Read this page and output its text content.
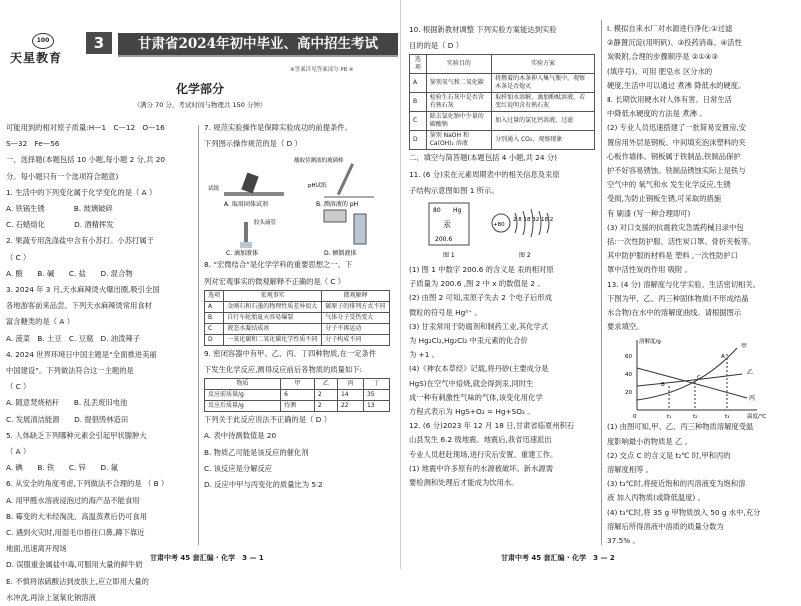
100
天星教育
3	甘肃省2024年初中毕业、高中招生考试
※答案详见答案部分 P8 ※
化学部分
（满分 70 分，考试时间与物理共 150 分钟）

可能用到的相对原子质量:H—1　C—12　O—16

S—32　Fe—56

一、选择题(本题包括 10 小题,每小题 2 分,共 20

分。每小题只有一个选项符合题意)

1. 生活中的下列变化属于化学变化的是（ A ）

A. 铁锅生锈　　　　B. 玻璃破碎

C. 石蜡熔化　　　　D. 酒精挥发

2. 果蔬专用洗涤盐中含有小苏打。小苏打属于

（ C ）

A. 酸　　B. 碱　　C. 盐　　D. 混合物

3. 2024 年 3 月,天水麻辣烫火爆出圈,吸引全国

各地游客前来品尝。下列天水麻辣烫常用食材

富含糖类的是（ A ）

A. 菠菜　B. 土豆　C. 豆腐　D. 油泼辣子

4. 2024 世界环境日中国主题是“全面推进美丽

中国建设”。下列做法符合这一主题的是

（ C ）

A. 随意焚烧秸秆　　B. 乱丢废旧电池

C. 发展清洁能源　　D. 提倡毁林造田

5. 人体缺乏下列哪种元素会引起甲状腺肿大

（ A ）

A. 碘　　B. 铁　　C. 锌　　D. 氟

6. 从安全的角度考虑,下列做法不合理的是 （ B ）

A. 用甲醛水溶液浸泡过的海产品不能食用

B. 霉变的大米经淘洗、高温蒸煮后仍可食用

C. 遇到火灾时,用湿毛巾捂住口鼻,蹲下靠近

地面,迅速离开现场

D. 误服重金属盐中毒,可服用大量的鲜牛奶

E. 不慎将浓硫酸沾到皮肤上,应立即用大量的

水冲洗,再涂上氢氧化钠溶液

7. 规范实验操作是保障实验成功的前提条件。

下列图示操作规范的是（ D ）

蘸取待测液的玻璃棒
试纸	pH试纸
A. 取用固体试剂	B. 测溶液的 pH
胶头滴管
C. 滴加液体	D. 倾倒液体

8. “宏微结合”是化学学科的重要思想之一。下

列对宏观事实的微观解释不正确的是（ C ）

选项	宏观事实	微观解释
A	金刚石和石墨的物理性质差异很大	碳原子的排列方式不同
B	自行车轮胎夏天容易爆裂	气体分子受热变大
C	液态水凝结成冰	分子不再运动
D	一氧化碳和二氧化碳化学性质不同	分子构成不同

9. 密闭容器中有甲、乙、丙、丁四种物质,在一定条件

下发生化学反应,测得反应前后各物质的质量如下:

物质	甲	乙	丙	丁
反应前质量/g	6	2	14	35
反应后质量/g	待测	2	22	13

下列关于此反应说法不正确的是（ D ）

A. 表中待测数值是 20

B. 物质乙可能是该反应的催化剂

C. 该反应是分解反应

D. 反应中甲与丙变化的质量比为 5∶2

甘肃中考 45 套汇编 · 化学　3 — 1

10. 根据新教材调整 下列实验方案能达到实验

目的的是（ D ）

选项	实验目的	实验方案
A	鉴别氧气和二氧化碳	将燃着的木条伸入集气瓶中，观察木条是否熄灭
B	检验生石灰中是否含有熟石灰	取样加水溶解，滴加酚酞溶液，若变红说明含有熟石灰
C	除去氯化钠中少量的碳酸钠	加入过量的氯化钙溶液，过滤
D	鉴别 NaOH 和 Ca(OH)₂ 溶液	分别通入 CO₂，观察现象

二、填空与简答题(本题包括 4 小题,共 24 分)

11. (6 分)汞在元素周期表中的相关信息及汞原

子结构示意图如图 1 所示。

80 Hg
汞
200.6
+80
2 8 18 32 18 2
图 1	图 2

(1) 图 1 中数字 200.6 的含义是 汞的相对原

子质量为 200.6 ,图 2 中 x 的数值是 2 。

(2) 由图 2 可知,汞原子失去 2 个电子后形成

微粒的符号是 Hg²⁺ 。

(3) 甘汞常用于防腐剂和制药工业,其化学式

为 Hg₂Cl₂,Hg₂Cl₂ 中汞元素的化合价

为 +1 。

(4)《神农本草经》记载,将丹砂(主要成分是

HgS)在空气中焙烧,就会得到汞,同时生

成一种有刺激性气味的气体,该变化用化学

方程式表示为 HgS+O₂ = Hg+SO₂ 。

12. (6 分)2023 年 12 月 18 日,甘肃省临夏州积石

山县发生 6.2 级地震。地震后,我省迅速派出

专业人员赶赴现场,进行灾后安置、重建工作。

(1) 地震中许多原有的水源被破坏。新水源需

要检测和处理后才能成为饮用水。

Ⅰ. 模拟自来水厂对水源进行净化:①过滤

②静置沉淀(用明矾)、③投药消毒、④活性

炭吸附,合理的步骤顺序是 ②①④③

(填序号)。可用 肥皂水 区分水的

硬度,生活中可以通过 煮沸 降低水的硬度。

Ⅱ. 长期饮用硬水对人体有害。日常生活

中降低水硬度的方法是 煮沸 。

(2) 专业人员迅速搭建了一批简易安置房,安

置房用外层是钢板、中间填充泡沫塑料的夹

心板作墙体。钢板属于铁制品,铁制品保护

护不好容易锈蚀。铁制品锈蚀实际上是铁与

空气中的 氧气和水 发生化学反应,生锈

受损,为防止钢板生锈,可采取的措施

有 刷漆 (写一种合理即可)

(3) 对口支援的抗震救灾急需药械目录中包

括:一次性防护服、活性炭口罩、骨折夹板等。

其中防护服的材料是 塑料 ,一次性防护口

罩中活性炭的作用 吸附 。

13. (4 分) 溶解度与化学实验。生活密切相关。

下图为甲、乙、丙三种固体物质(不形成结晶

水合物)在水中的溶解度曲线。请根据图示

要求填空。

溶解度/g
温度/℃
60
40
20
0	t₁	t₂	t₃
甲
乙
丙
A
B
C

(1) 由图可知,甲、乙、丙三种物质溶解度受温

度影响最小的物质是 乙 。

(2) 交点 C 的含义是 t₂℃ 时,甲和丙的

溶解度相等 。

(3) t₃℃时,将接近饱和的丙溶液变为饱和溶

液 加入丙物质(或降低温度) 。

(4) t₃℃时,将 35 g 甲物质放入 50 g 水中,充分

溶解后所得溶液中溶质的质量分数为

37.5% 。

甘肃中考 45 套汇编 · 化学　3 — 2
